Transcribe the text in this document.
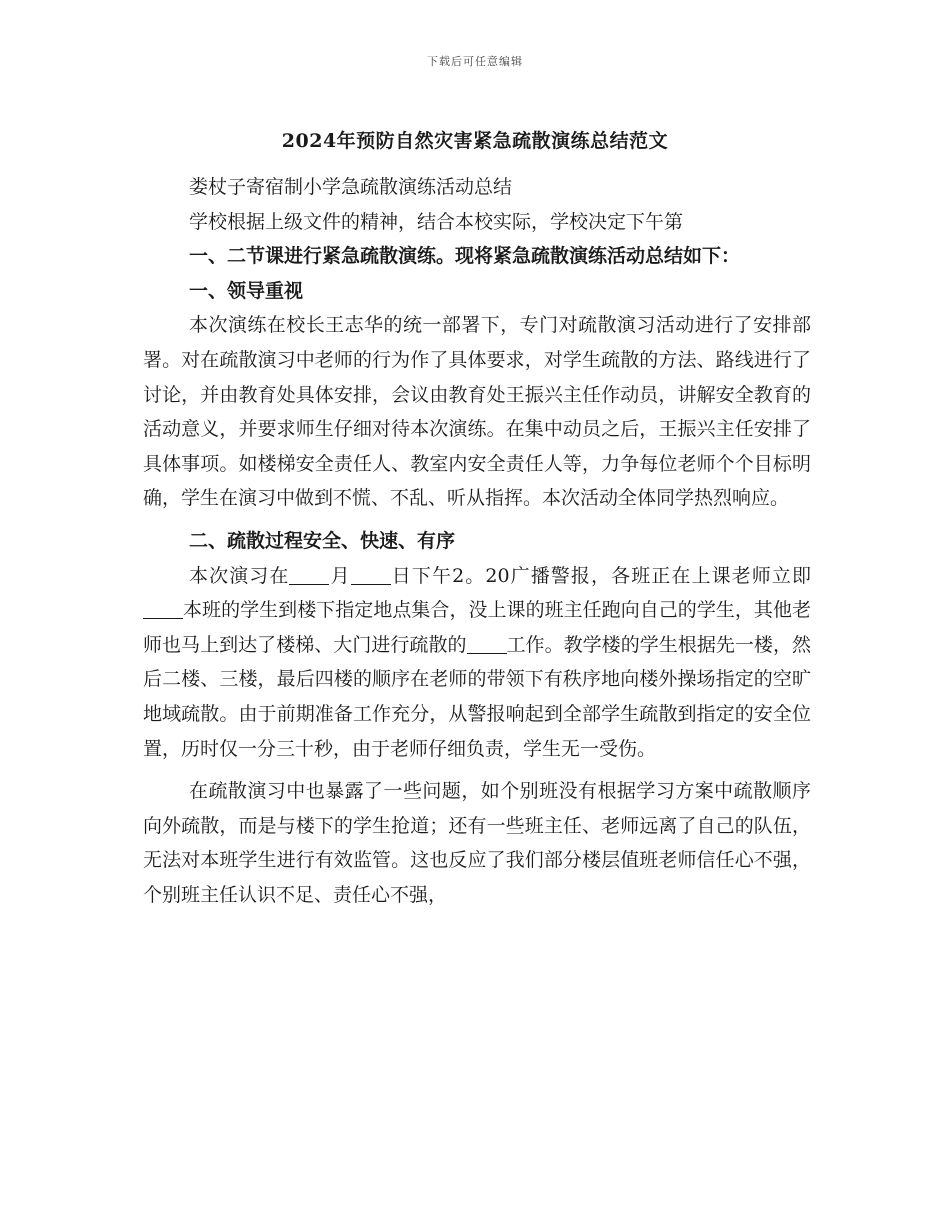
下载后可任意编辑
2024年预防自然灾害紧急疏散演练总结范文

娄杖子寄宿制小学急疏散演练活动总结

学校根据上级文件的精神，结合本校实际，学校决定下午第

一、二节课进行紧急疏散演练。现将紧急疏散演练活动总结如下：

一、领导重视

本次演练在校长王志华的统一部署下，专门对疏散演习活动进行了安排部署。对在疏散演习中老师的行为作了具体要求，对学生疏散的方法、路线进行了讨论，并由教育处具体安排，会议由教育处王振兴主任作动员，讲解安全教育的活动意义，并要求师生仔细对待本次演练。在集中动员之后，王振兴主任安排了具体事项。如楼梯安全责任人、教室内安全责任人等，力争每位老师个个目标明确，学生在演习中做到不慌、不乱、听从指挥。本次活动全体同学热烈响应。

二、疏散过程安全、快速、有序

本次演习在 月 日下午2。20广播警报，各班正在上课老师立即本班的学生到楼下指定地点集合，没上课的班主任跑向自己的学生，其他老师也马上到达了楼梯、大门进行疏散的 工作。教学楼的学生根据先一楼，然后二楼、三楼，最后四楼的顺序在老师的带领下有秩序地向楼外操场指定的空旷地域疏散。由于前期准备工作充分，从警报响起到全部学生疏散到指定的安全位置，历时仅一分三十秒，由于老师仔细负责，学生无一受伤。

在疏散演习中也暴露了一些问题，如个别班没有根据学习方案中疏散顺序向外疏散，而是与楼下的学生抢道；还有一些班主任、老师远离了自己的队伍，无法对本班学生进行有效监管。这也反应了我们部分楼层值班老师信任心不强，个别班主任认识不足、责任心不强，
